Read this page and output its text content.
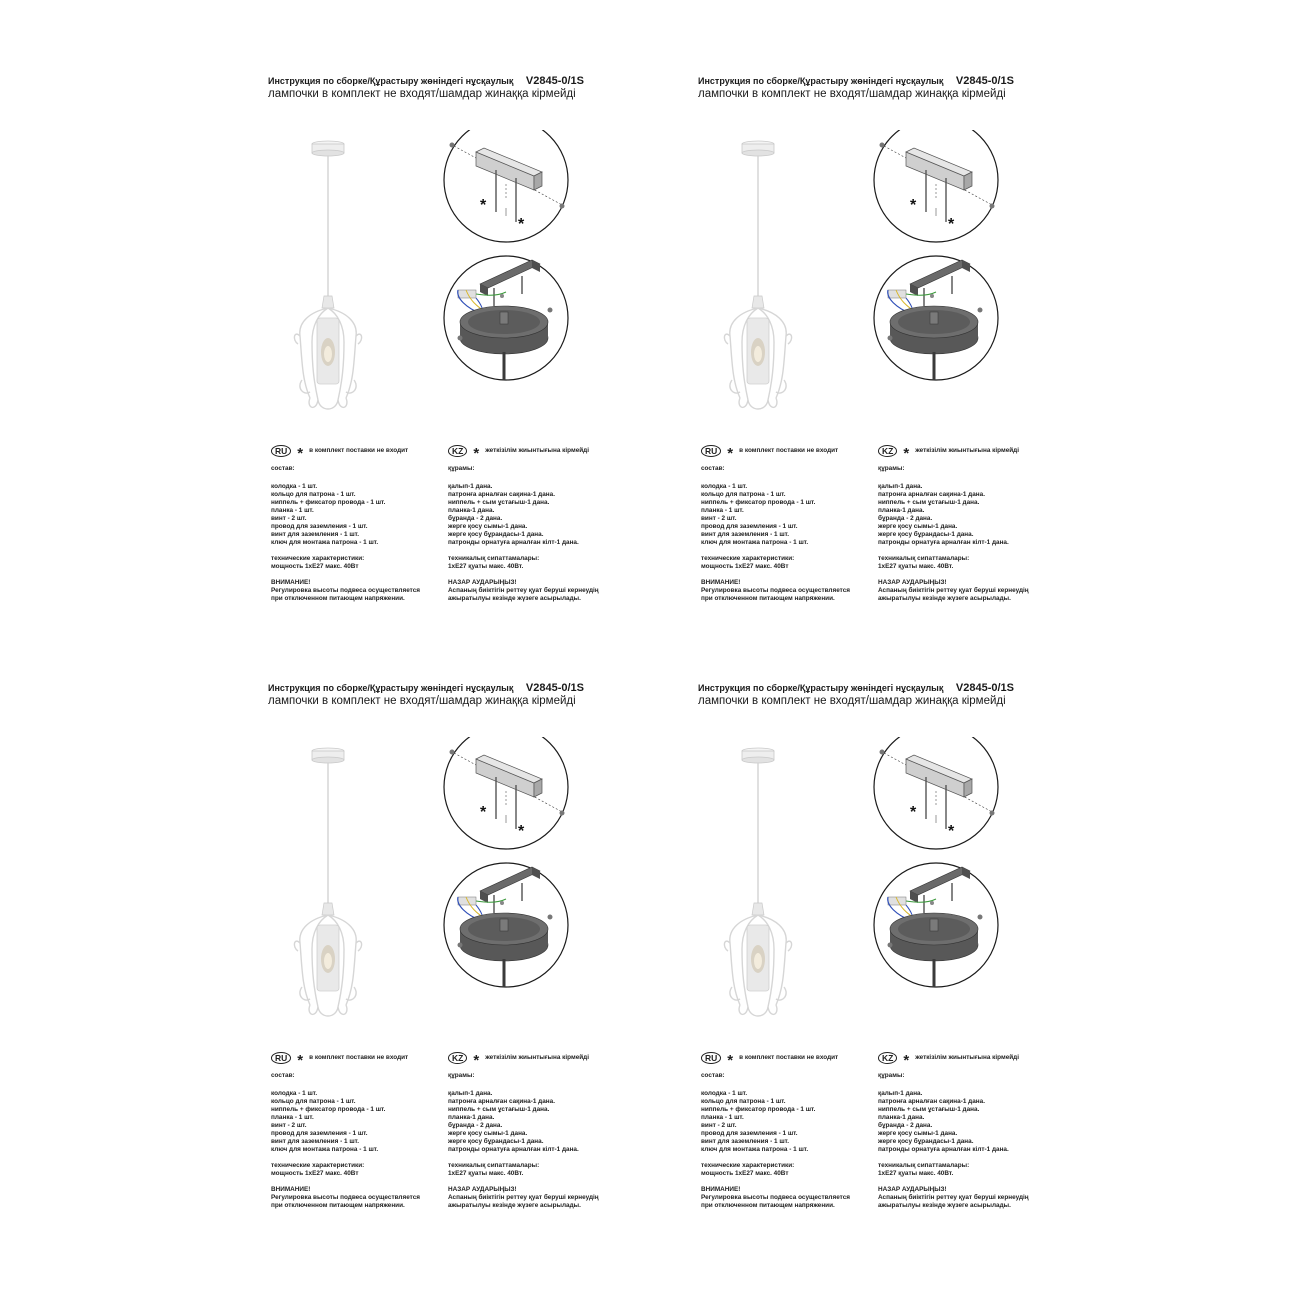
Инструкция по сборке/Құрастыру жөніндегі нұсқаулық V2845-0/1S
лампочки в комплект не входят/шамдар жинаққа кірмейді
*
*
RU * в комплект поставки не входит
состав:
колодка - 1 шт.
кольцо для патрона - 1 шт.
ниппель + фиксатор провода - 1 шт.
планка - 1 шт.
винт - 2 шт.
провод для заземления - 1 шт.
винт для заземления - 1 шт.
ключ для монтажа патрона - 1 шт.
технические характеристики:
мощность 1хЕ27 макс. 40Вт
ВНИМАНИЕ!
Регулировка высоты подвеса осуществляется
при отключенном питающем напряжении.
KZ * жеткізілім жиынтығына кірмейді
құрамы:
қалып-1 дана.
патронға арналған сақина-1 дана.
ниппель + сым ұстағыш-1 дана.
планка-1 дана.
бұранда - 2 дана.
жерге қосу сымы-1 дана.
жерге қосу бұрандасы-1 дана.
патронды орнатуға арналған кілт-1 дана.
техникалық сипаттамалары:
1хЕ27 қуаты макс. 40Вт.
НАЗАР АУДАРЫҢЫЗ!
Аспаның биіктігін реттеу қуат беруші кернеудің
ажыратылуы кезінде жүзеге асырылады.
Инструкция по сборке/Құрастыру жөніндегі нұсқаулық V2845-0/1S
лампочки в комплект не входят/шамдар жинаққа кірмейді
*
*
RU * в комплект поставки не входит
состав:
колодка - 1 шт.
кольцо для патрона - 1 шт.
ниппель + фиксатор провода - 1 шт.
планка - 1 шт.
винт - 2 шт.
провод для заземления - 1 шт.
винт для заземления - 1 шт.
ключ для монтажа патрона - 1 шт.
технические характеристики:
мощность 1хЕ27 макс. 40Вт
ВНИМАНИЕ!
Регулировка высоты подвеса осуществляется
при отключенном питающем напряжении.
KZ * жеткізілім жиынтығына кірмейді
құрамы:
қалып-1 дана.
патронға арналған сақина-1 дана.
ниппель + сым ұстағыш-1 дана.
планка-1 дана.
бұранда - 2 дана.
жерге қосу сымы-1 дана.
жерге қосу бұрандасы-1 дана.
патронды орнатуға арналған кілт-1 дана.
техникалық сипаттамалары:
1хЕ27 қуаты макс. 40Вт.
НАЗАР АУДАРЫҢЫЗ!
Аспаның биіктігін реттеу қуат беруші кернеудің
ажыратылуы кезінде жүзеге асырылады.
Инструкция по сборке/Құрастыру жөніндегі нұсқаулық V2845-0/1S
лампочки в комплект не входят/шамдар жинаққа кірмейді
*
*
RU * в комплект поставки не входит
состав:
колодка - 1 шт.
кольцо для патрона - 1 шт.
ниппель + фиксатор провода - 1 шт.
планка - 1 шт.
винт - 2 шт.
провод для заземления - 1 шт.
винт для заземления - 1 шт.
ключ для монтажа патрона - 1 шт.
технические характеристики:
мощность 1хЕ27 макс. 40Вт
ВНИМАНИЕ!
Регулировка высоты подвеса осуществляется
при отключенном питающем напряжении.
KZ * жеткізілім жиынтығына кірмейді
құрамы:
қалып-1 дана.
патронға арналған сақина-1 дана.
ниппель + сым ұстағыш-1 дана.
планка-1 дана.
бұранда - 2 дана.
жерге қосу сымы-1 дана.
жерге қосу бұрандасы-1 дана.
патронды орнатуға арналған кілт-1 дана.
техникалық сипаттамалары:
1хЕ27 қуаты макс. 40Вт.
НАЗАР АУДАРЫҢЫЗ!
Аспаның биіктігін реттеу қуат беруші кернеудің
ажыратылуы кезінде жүзеге асырылады.
Инструкция по сборке/Құрастыру жөніндегі нұсқаулық V2845-0/1S
лампочки в комплект не входят/шамдар жинаққа кірмейді
*
*
RU * в комплект поставки не входит
состав:
колодка - 1 шт.
кольцо для патрона - 1 шт.
ниппель + фиксатор провода - 1 шт.
планка - 1 шт.
винт - 2 шт.
провод для заземления - 1 шт.
винт для заземления - 1 шт.
ключ для монтажа патрона - 1 шт.
технические характеристики:
мощность 1хЕ27 макс. 40Вт
ВНИМАНИЕ!
Регулировка высоты подвеса осуществляется
при отключенном питающем напряжении.
KZ * жеткізілім жиынтығына кірмейді
құрамы:
қалып-1 дана.
патронға арналған сақина-1 дана.
ниппель + сым ұстағыш-1 дана.
планка-1 дана.
бұранда - 2 дана.
жерге қосу сымы-1 дана.
жерге қосу бұрандасы-1 дана.
патронды орнатуға арналған кілт-1 дана.
техникалық сипаттамалары:
1хЕ27 қуаты макс. 40Вт.
НАЗАР АУДАРЫҢЫЗ!
Аспаның биіктігін реттеу қуат беруші кернеудің
ажыратылуы кезінде жүзеге асырылады.
